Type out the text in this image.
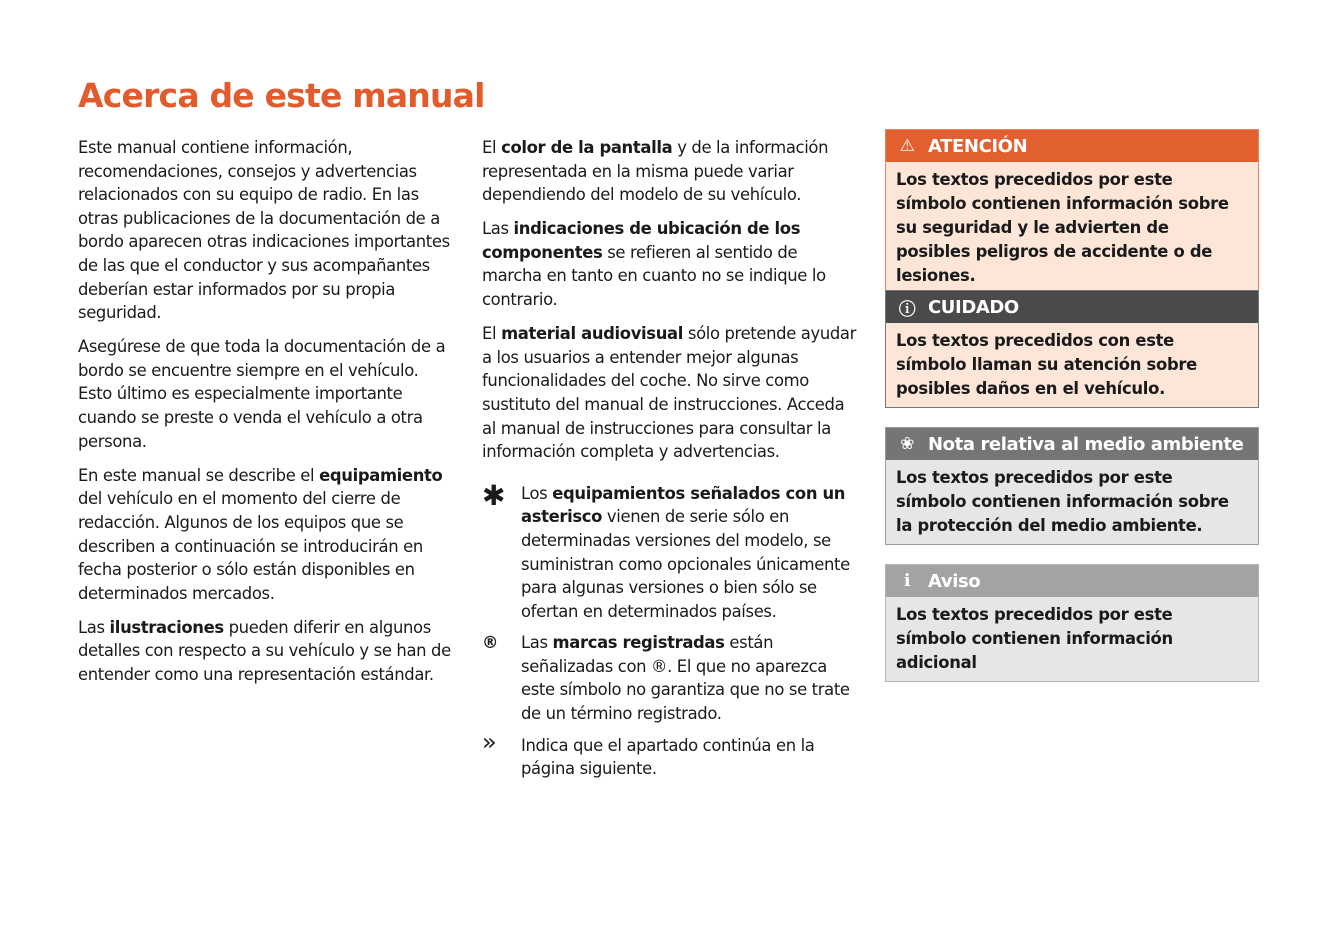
Acerca de este manual

Este manual contiene información, recomendaciones, consejos y advertencias relacionados con su equipo de radio. En las otras publicaciones de la documentación de a bordo aparecen otras indicaciones importantes de las que el conductor y sus acompañantes deberían estar informados por su propia seguridad.

Asegúrese de que toda la documentación de a bordo se encuentre siempre en el vehículo. Esto último es especialmente importante cuando se preste o venda el vehículo a otra persona.

En este manual se describe el equipamiento del vehículo en el momento del cierre de redacción. Algunos de los equipos que se describen a continuación se introducirán en fecha posterior o sólo están disponibles en determinados mercados.

Las ilustraciones pueden diferir en algunos detalles con respecto a su vehículo y se han de entender como una representación estándar.

El color de la pantalla y de la información representada en la misma puede variar dependiendo del modelo de su vehículo.

Las indicaciones de ubicación de los componentes se refieren al sentido de marcha en tanto en cuanto no se indique lo contrario.

El material audiovisual sólo pretende ayudar a los usuarios a entender mejor algunas funcionalidades del coche. No sirve como sustituto del manual de instrucciones. Acceda al manual de instrucciones para consultar la información completa y advertencias.

✱ Los equipamientos señalados con un asterisco vienen de serie sólo en determinadas versiones del modelo, se suministran como opcionales únicamente para algunas versiones o bien sólo se ofertan en determinados países.
® Las marcas registradas están señalizadas con ®. El que no aparezca este símbolo no garantiza que no se trate de un término registrado.
» Indica que el apartado continúa en la página siguiente.
⚠ ATENCIÓN
Los textos precedidos por este símbolo contienen información sobre su seguridad y le advierten de posibles peligros de accidente o de lesiones.
ⓘ CUIDADO
Los textos precedidos con este símbolo llaman su atención sobre posibles daños en el vehículo.
❀ Nota relativa al medio ambiente
Los textos precedidos por este símbolo contienen información sobre la protección del medio ambiente.
ℹ Aviso
Los textos precedidos por este símbolo contienen información adicional
